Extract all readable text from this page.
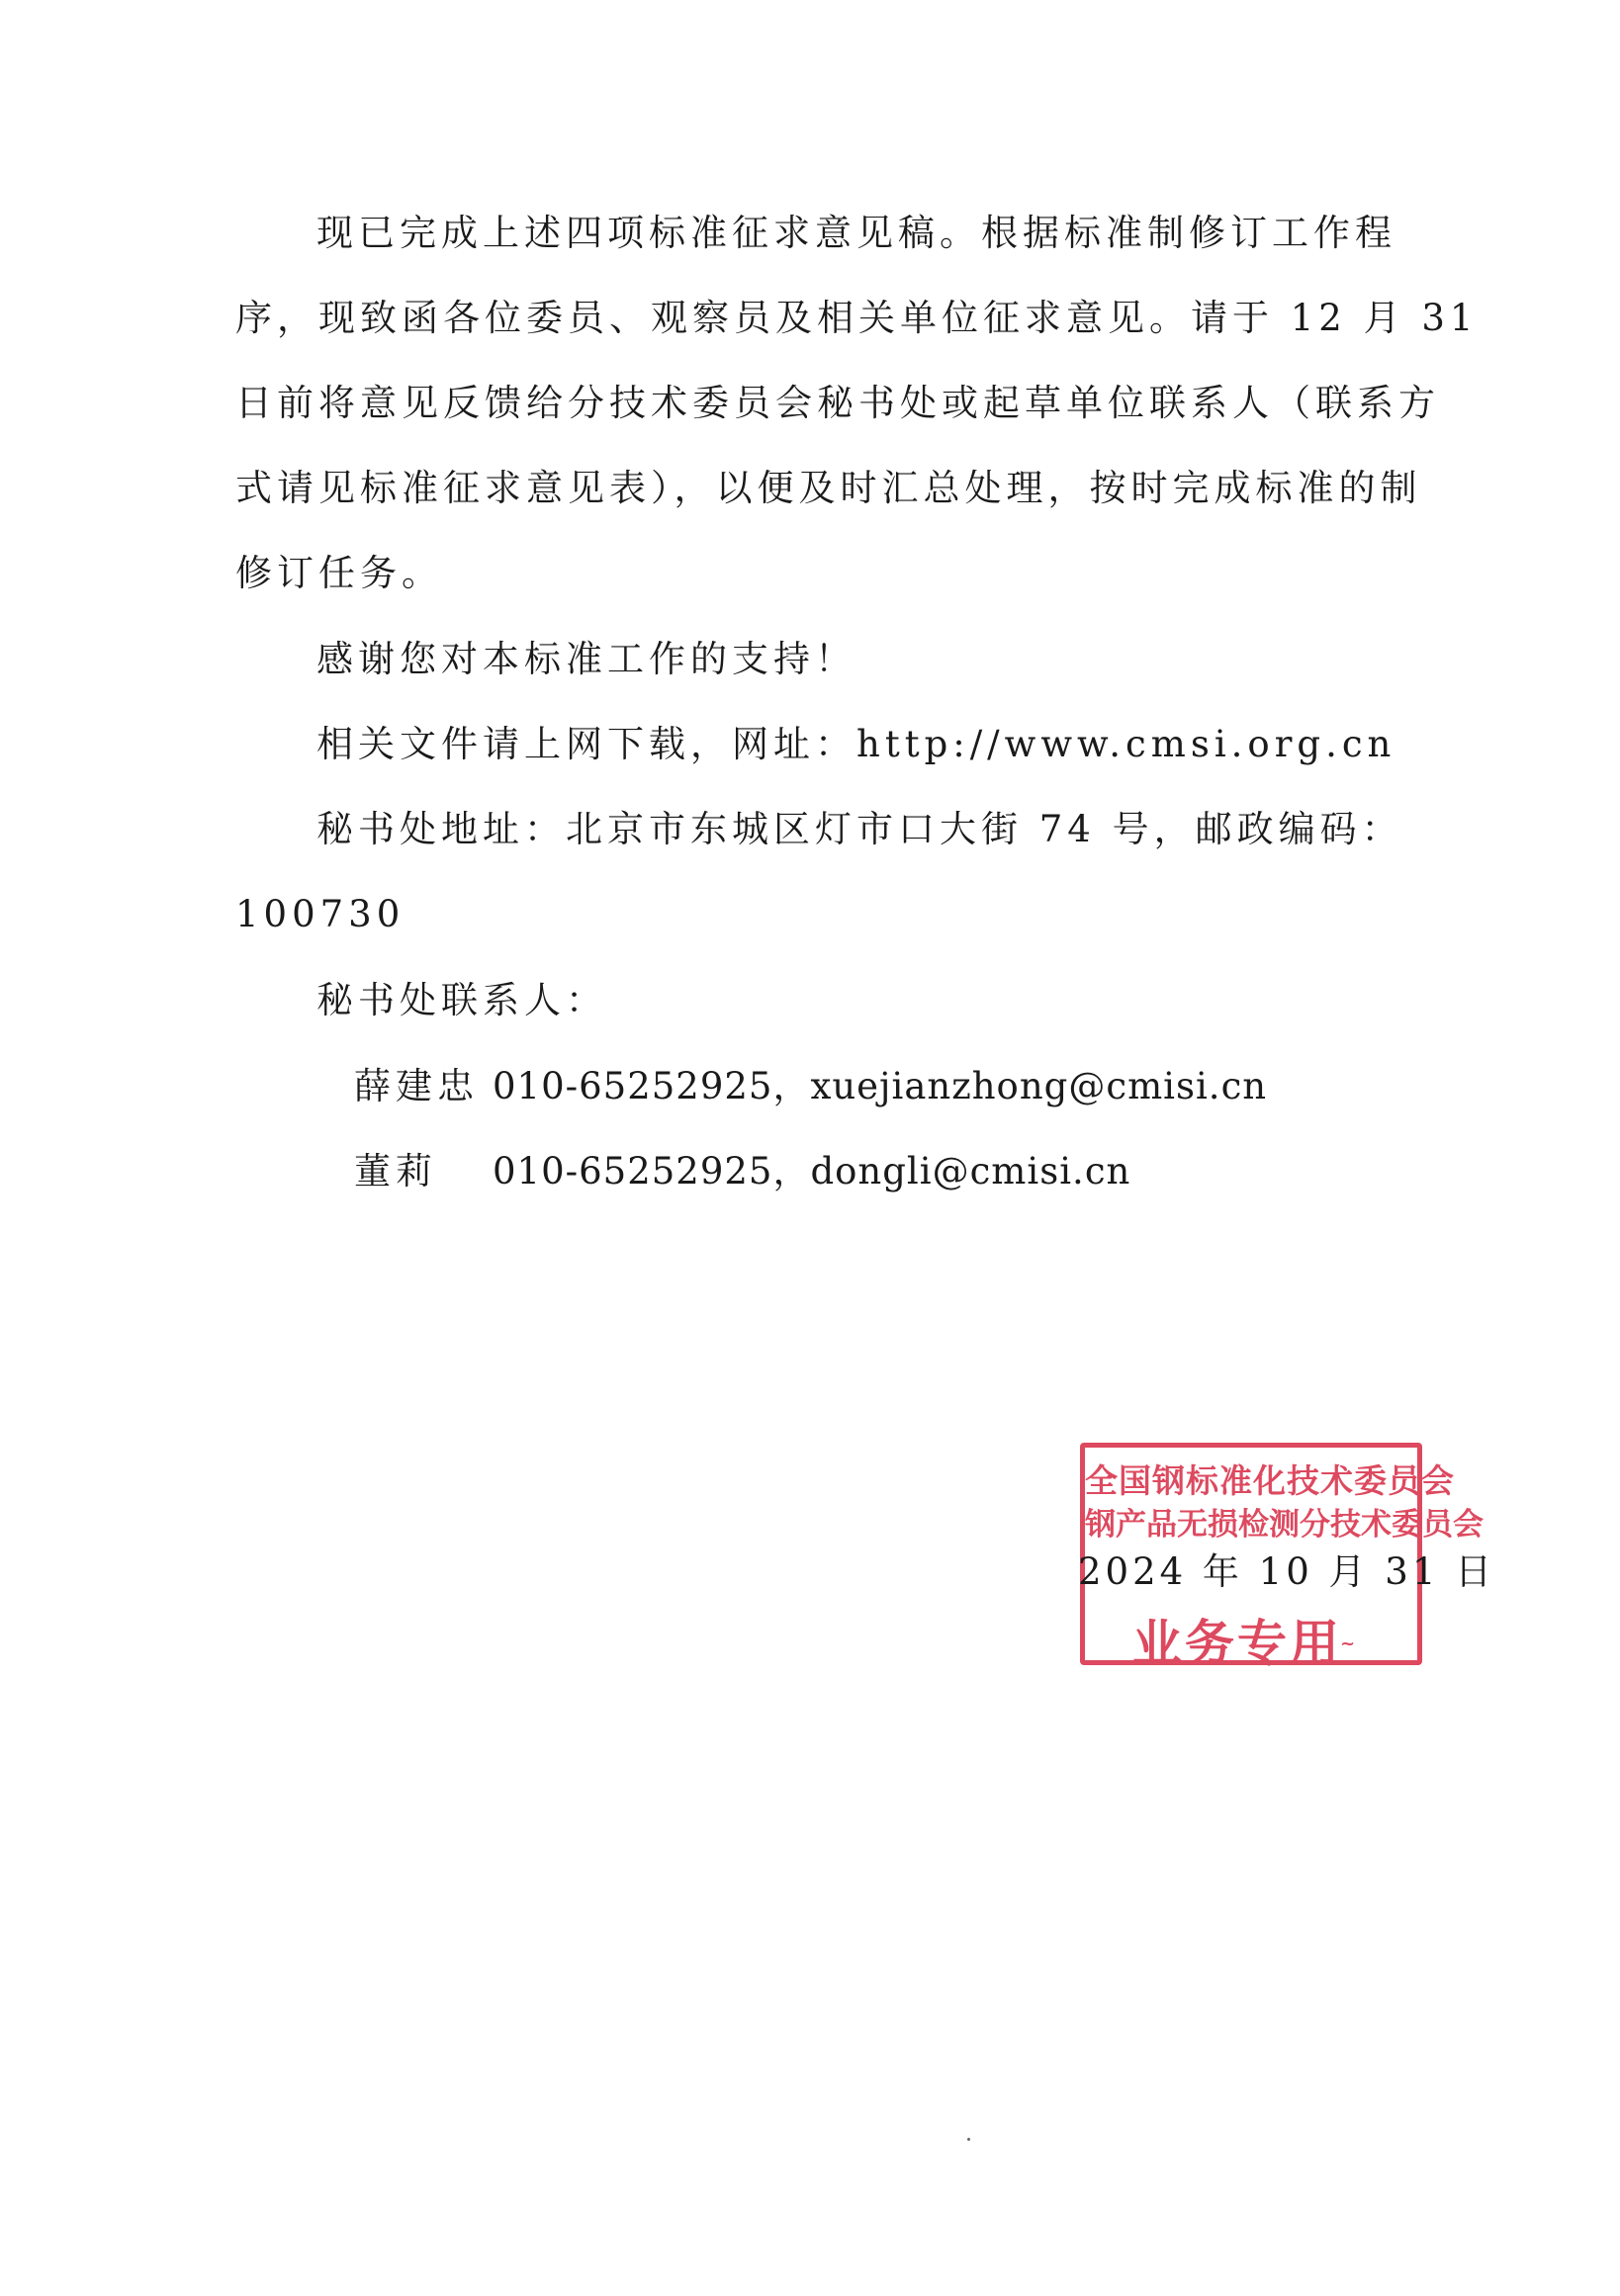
现已完成上述四项标准征求意见稿。根据标准制修订工作程
序，现致函各位委员、观察员及相关单位征求意见。请于 12 月 31
日前将意见反馈给分技术委员会秘书处或起草单位联系人（联系方
式请见标准征求意见表），以便及时汇总处理，按时完成标准的制
修订任务。
感谢您对本标准工作的支持！
相关文件请上网下载，网址：http://www.cmsi.org.cn
秘书处地址：北京市东城区灯市口大街 74 号，邮政编码：
100730
秘书处联系人：
薛建忠 010-65252925，xuejianzhong@cmisi.cn
董莉 010-65252925，dongli@cmisi.cn
全国钢标准化技术委员会
钢产品无损检测分技术委员会
业务专用
~
2024 年 10 月 31 日
